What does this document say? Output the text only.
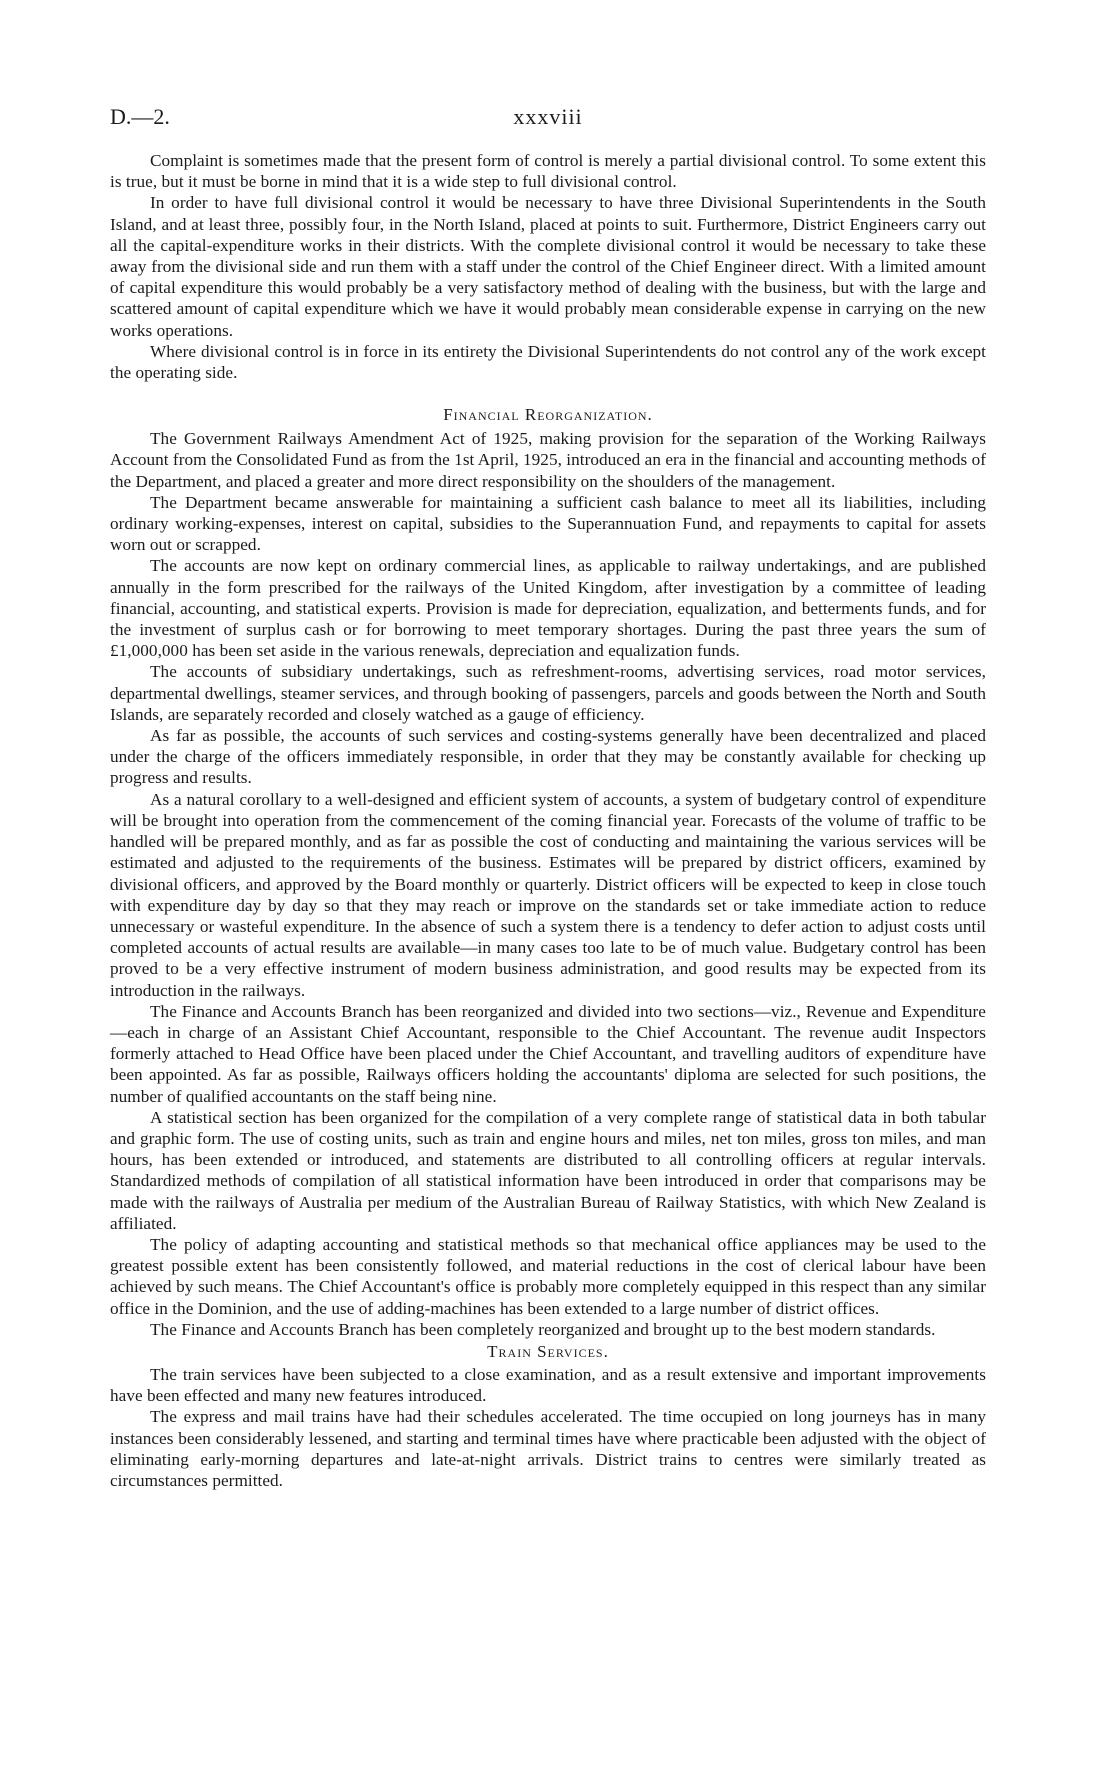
D.—2.	xxxviii

Complaint is sometimes made that the present form of control is merely a partial divisional control. To some extent this is true, but it must be borne in mind that it is a wide step to full divisional control.

In order to have full divisional control it would be necessary to have three Divisional Superintendents in the South Island, and at least three, possibly four, in the North Island, placed at points to suit. Furthermore, District Engineers carry out all the capital-expenditure works in their districts. With the complete divisional control it would be necessary to take these away from the divisional side and run them with a staff under the control of the Chief Engineer direct. With a limited amount of capital expenditure this would probably be a very satisfactory method of dealing with the business, but with the large and scattered amount of capital expenditure which we have it would probably mean considerable expense in carrying on the new works operations.

Where divisional control is in force in its entirety the Divisional Superintendents do not control any of the work except the operating side.

Financial Reorganization.

The Government Railways Amendment Act of 1925, making provision for the separation of the Working Railways Account from the Consolidated Fund as from the 1st April, 1925, introduced an era in the financial and accounting methods of the Department, and placed a greater and more direct responsibility on the shoulders of the management.

The Department became answerable for maintaining a sufficient cash balance to meet all its liabilities, including ordinary working-expenses, interest on capital, subsidies to the Superannuation Fund, and repayments to capital for assets worn out or scrapped.

The accounts are now kept on ordinary commercial lines, as applicable to railway undertakings, and are published annually in the form prescribed for the railways of the United Kingdom, after investigation by a committee of leading financial, accounting, and statistical experts. Provision is made for depreciation, equalization, and betterments funds, and for the investment of surplus cash or for borrowing to meet temporary shortages. During the past three years the sum of £1,000,000 has been set aside in the various renewals, depreciation and equalization funds.

The accounts of subsidiary undertakings, such as refreshment-rooms, advertising services, road motor services, departmental dwellings, steamer services, and through booking of passengers, parcels and goods between the North and South Islands, are separately recorded and closely watched as a gauge of efficiency.

As far as possible, the accounts of such services and costing-systems generally have been decentralized and placed under the charge of the officers immediately responsible, in order that they may be constantly available for checking up progress and results.

As a natural corollary to a well-designed and efficient system of accounts, a system of budgetary control of expenditure will be brought into operation from the commencement of the coming financial year. Forecasts of the volume of traffic to be handled will be prepared monthly, and as far as possible the cost of conducting and maintaining the various services will be estimated and adjusted to the requirements of the business. Estimates will be prepared by district officers, examined by divisional officers, and approved by the Board monthly or quarterly. District officers will be expected to keep in close touch with expenditure day by day so that they may reach or improve on the standards set or take immediate action to reduce unnecessary or wasteful expenditure. In the absence of such a system there is a tendency to defer action to adjust costs until completed accounts of actual results are available—in many cases too late to be of much value. Budgetary control has been proved to be a very effective instrument of modern business administration, and good results may be expected from its introduction in the railways.

The Finance and Accounts Branch has been reorganized and divided into two sections—viz., Revenue and Expenditure—each in charge of an Assistant Chief Accountant, responsible to the Chief Accountant. The revenue audit Inspectors formerly attached to Head Office have been placed under the Chief Accountant, and travelling auditors of expenditure have been appointed. As far as possible, Railways officers holding the accountants' diploma are selected for such positions, the number of qualified accountants on the staff being nine.

A statistical section has been organized for the compilation of a very complete range of statistical data in both tabular and graphic form. The use of costing units, such as train and engine hours and miles, net ton miles, gross ton miles, and man hours, has been extended or introduced, and statements are distributed to all controlling officers at regular intervals. Standardized methods of compilation of all statistical information have been introduced in order that comparisons may be made with the railways of Australia per medium of the Australian Bureau of Railway Statistics, with which New Zealand is affiliated.

The policy of adapting accounting and statistical methods so that mechanical office appliances may be used to the greatest possible extent has been consistently followed, and material reductions in the cost of clerical labour have been achieved by such means. The Chief Accountant's office is probably more completely equipped in this respect than any similar office in the Dominion, and the use of adding-machines has been extended to a large number of district offices.

The Finance and Accounts Branch has been completely reorganized and brought up to the best modern standards.

Train Services.

The train services have been subjected to a close examination, and as a result extensive and important improvements have been effected and many new features introduced.

The express and mail trains have had their schedules accelerated. The time occupied on long journeys has in many instances been considerably lessened, and starting and terminal times have where practicable been adjusted with the object of eliminating early-morning departures and late-at-night arrivals. District trains to centres were similarly treated as circumstances permitted.
